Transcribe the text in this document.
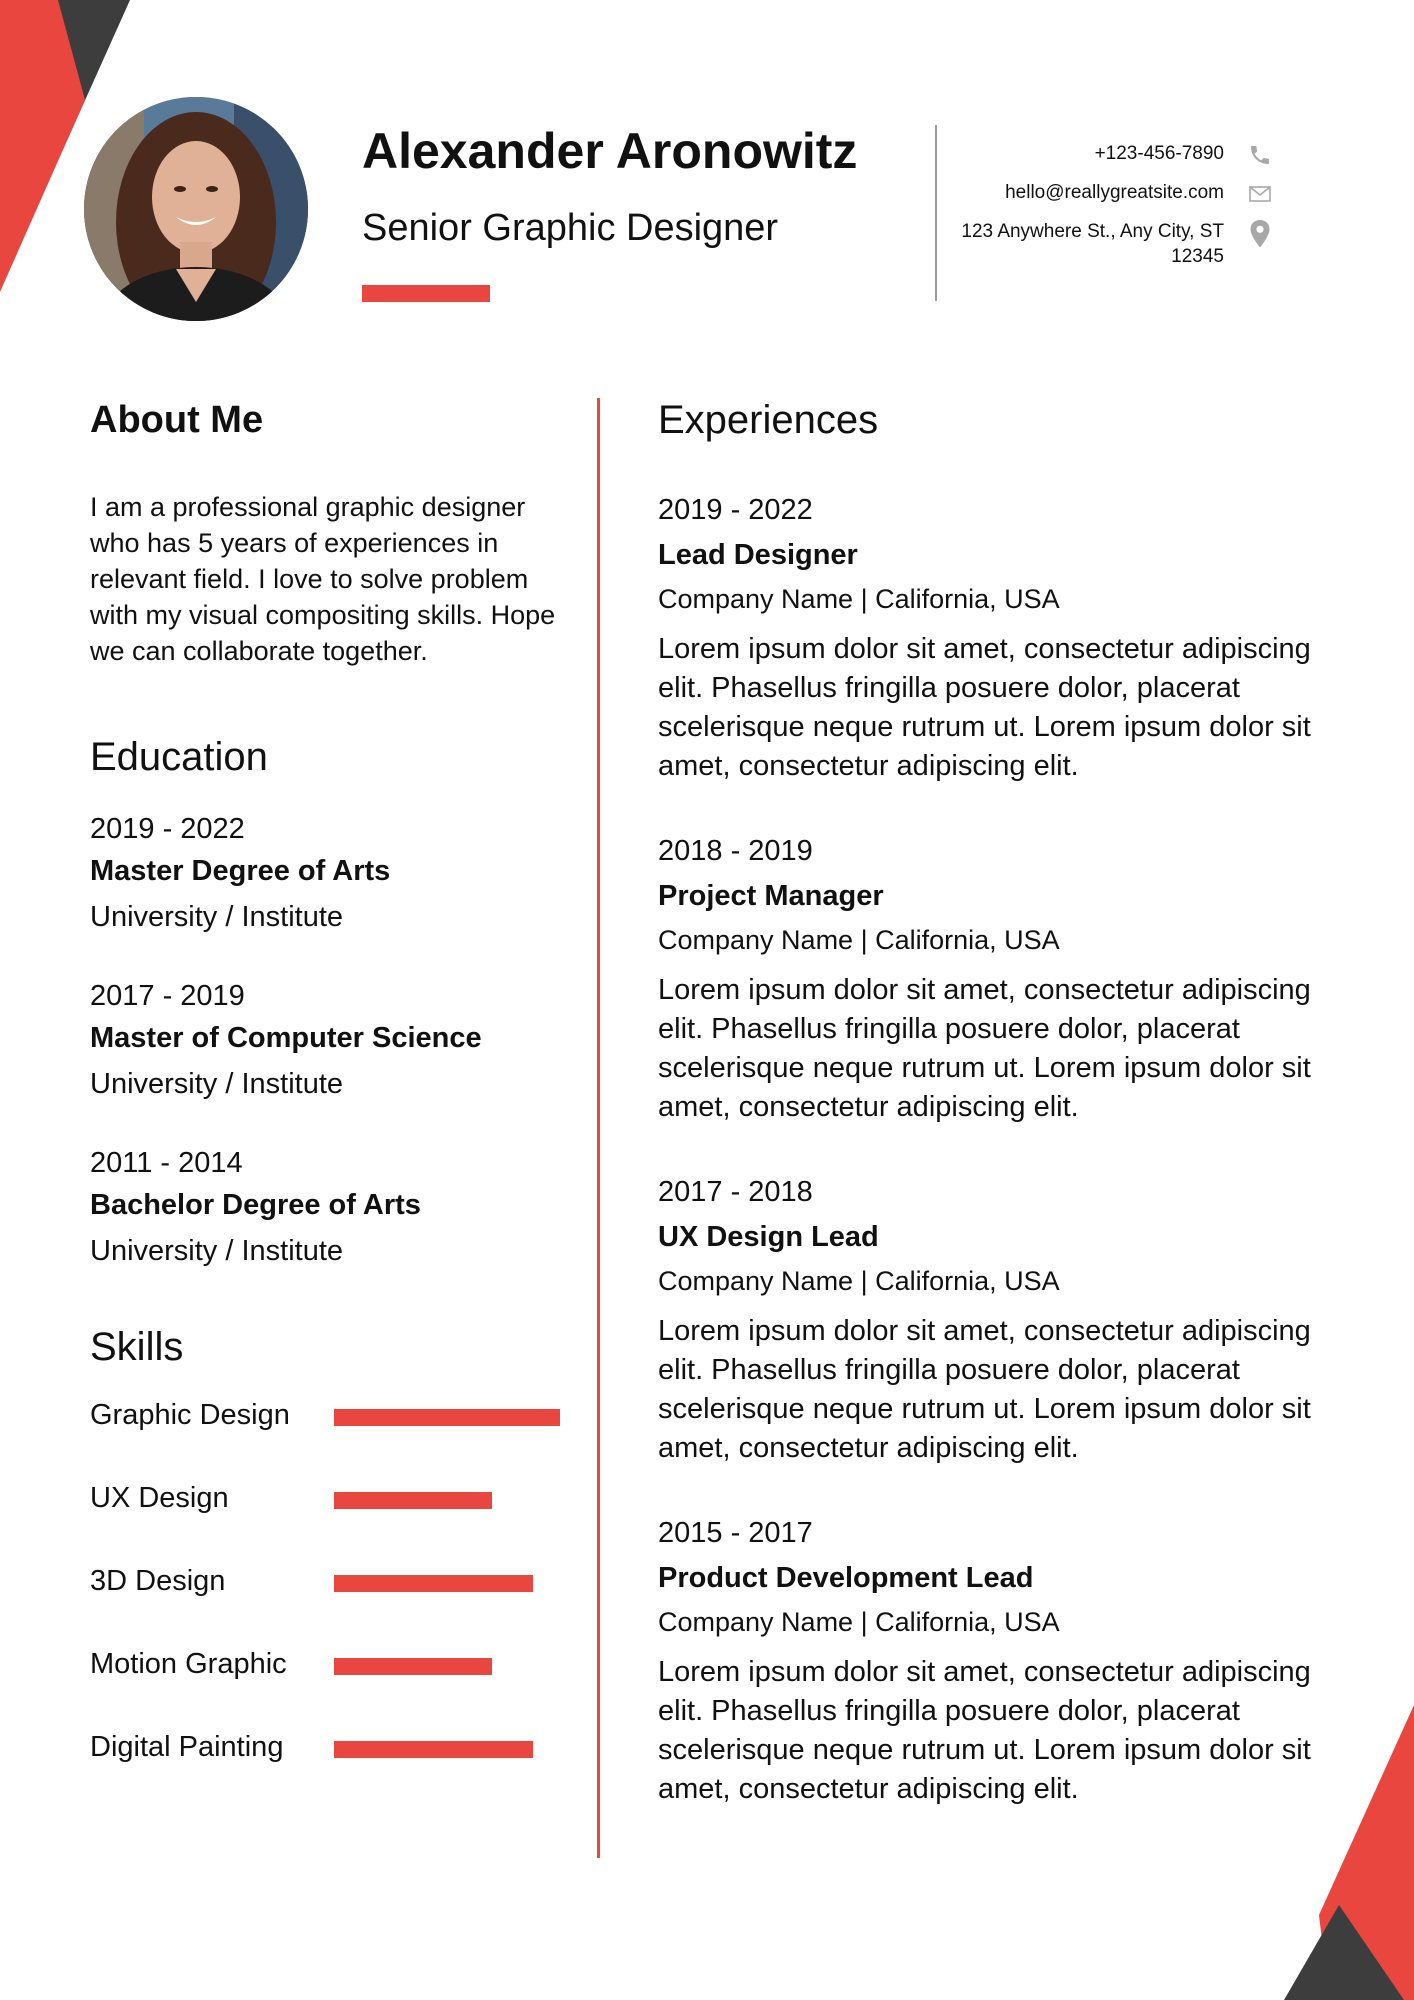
Alexander Aronowitz
Senior Graphic Designer
+123-456-7890
hello@reallygreatsite.com
123 Anywhere St., Any City, ST 12345
About Me
I am a professional graphic designer who has 5 years of experiences in relevant field. I love to solve problem with my visual compositing skills. Hope we can collaborate together.
Education
2019 - 2022
Master Degree of Arts
University / Institute
2017 - 2019
Master of Computer Science
University / Institute
2011 - 2014
Bachelor Degree of Arts
University / Institute
Skills
Graphic Design
UX Design
3D Design
Motion Graphic
Digital Painting
Experiences
2019 - 2022
Lead Designer
Company Name | California, USA
Lorem ipsum dolor sit amet, consectetur adipiscing elit. Phasellus fringilla posuere dolor, placerat scelerisque neque rutrum ut. Lorem ipsum dolor sit amet, consectetur adipiscing elit.
2018 - 2019
Project Manager
Company Name | California, USA
Lorem ipsum dolor sit amet, consectetur adipiscing elit. Phasellus fringilla posuere dolor, placerat scelerisque neque rutrum ut. Lorem ipsum dolor sit amet, consectetur adipiscing elit.
2017 - 2018
UX Design Lead
Company Name | California, USA
Lorem ipsum dolor sit amet, consectetur adipiscing elit. Phasellus fringilla posuere dolor, placerat scelerisque neque rutrum ut. Lorem ipsum dolor sit amet, consectetur adipiscing elit.
2015 - 2017
Product Development Lead
Company Name | California, USA
Lorem ipsum dolor sit amet, consectetur adipiscing elit. Phasellus fringilla posuere dolor, placerat scelerisque neque rutrum ut. Lorem ipsum dolor sit amet, consectetur adipiscing elit.
